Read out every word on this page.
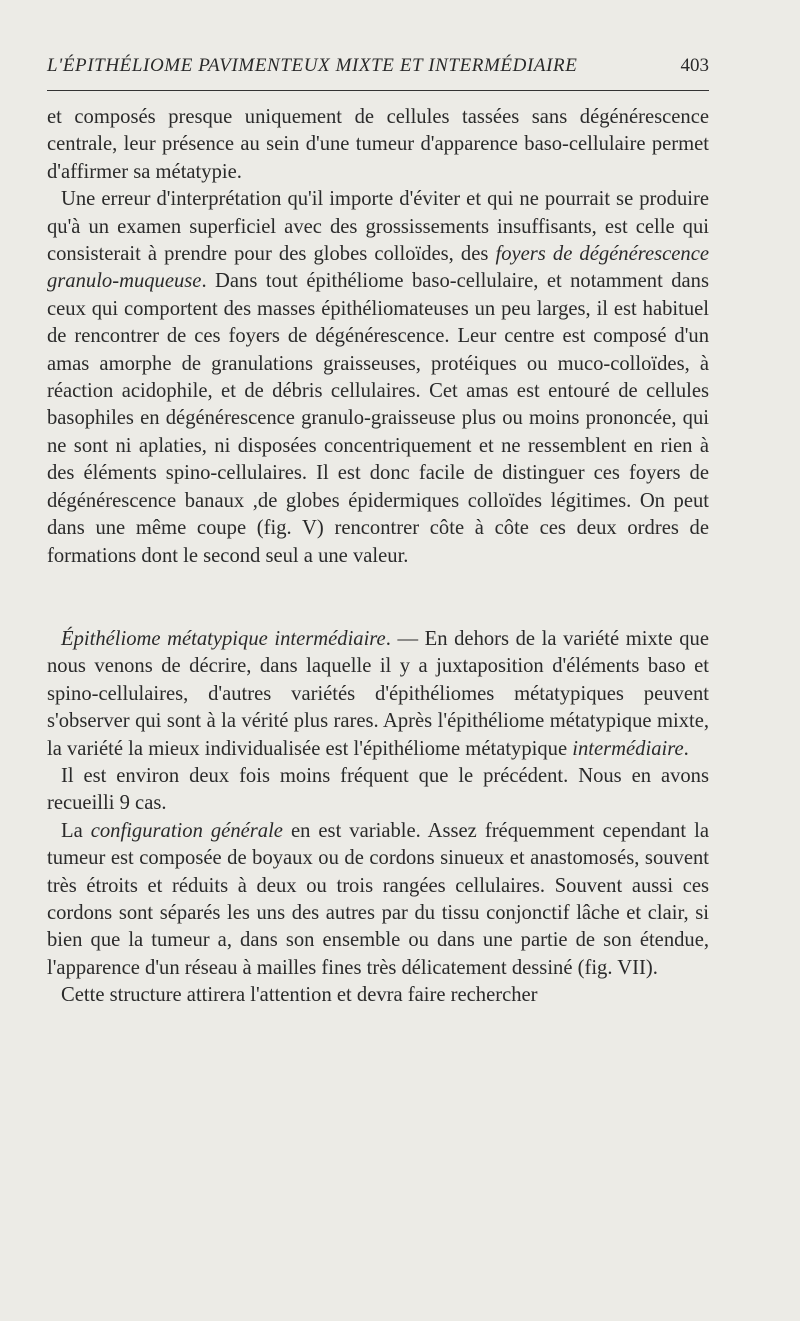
L'ÉPITHÉLIOME PAVIMENTEUX MIXTE ET INTERMÉDIAIRE	403

et composés presque uniquement de cellules tassées sans dégénérescence centrale, leur présence au sein d'une tumeur d'apparence baso-cellulaire permet d'affirmer sa métatypie.

Une erreur d'interprétation qu'il importe d'éviter et qui ne pourrait se produire qu'à un examen superficiel avec des grossissements insuffisants, est celle qui consisterait à prendre pour des globes colloïdes, des foyers de dégénérescence granulo-muqueuse. Dans tout épithéliome baso-cellulaire, et notamment dans ceux qui comportent des masses épithéliomateuses un peu larges, il est habituel de rencontrer de ces foyers de dégénérescence. Leur centre est composé d'un amas amorphe de granulations graisseuses, protéiques ou muco-colloïdes, à réaction acidophile, et de débris cellulaires. Cet amas est entouré de cellules basophiles en dégénérescence granulo-graisseuse plus ou moins prononcée, qui ne sont ni aplaties, ni disposées concentriquement et ne ressemblent en rien à des éléments spino-cellulaires. Il est donc facile de distinguer ces foyers de dégénérescence banaux ,de globes épidermiques colloïdes légitimes. On peut dans une même coupe (fig. V) rencontrer côte à côte ces deux ordres de formations dont le second seul a une valeur.

Épithéliome métatypique intermédiaire. — En dehors de la variété mixte que nous venons de décrire, dans laquelle il y a juxtaposition d'éléments baso et spino-cellulaires, d'autres variétés d'épithéliomes métatypiques peuvent s'observer qui sont à la vérité plus rares. Après l'épithéliome métatypique mixte, la variété la mieux individualisée est l'épithéliome métatypique intermédiaire.

Il est environ deux fois moins fréquent que le précédent. Nous en avons recueilli 9 cas.

La configuration générale en est variable. Assez fréquemment cependant la tumeur est composée de boyaux ou de cordons sinueux et anastomosés, souvent très étroits et réduits à deux ou trois rangées cellulaires. Souvent aussi ces cordons sont séparés les uns des autres par du tissu conjonctif lâche et clair, si bien que la tumeur a, dans son ensemble ou dans une partie de son étendue, l'apparence d'un réseau à mailles fines très délicatement dessiné (fig. VII).

Cette structure attirera l'attention et devra faire rechercher
